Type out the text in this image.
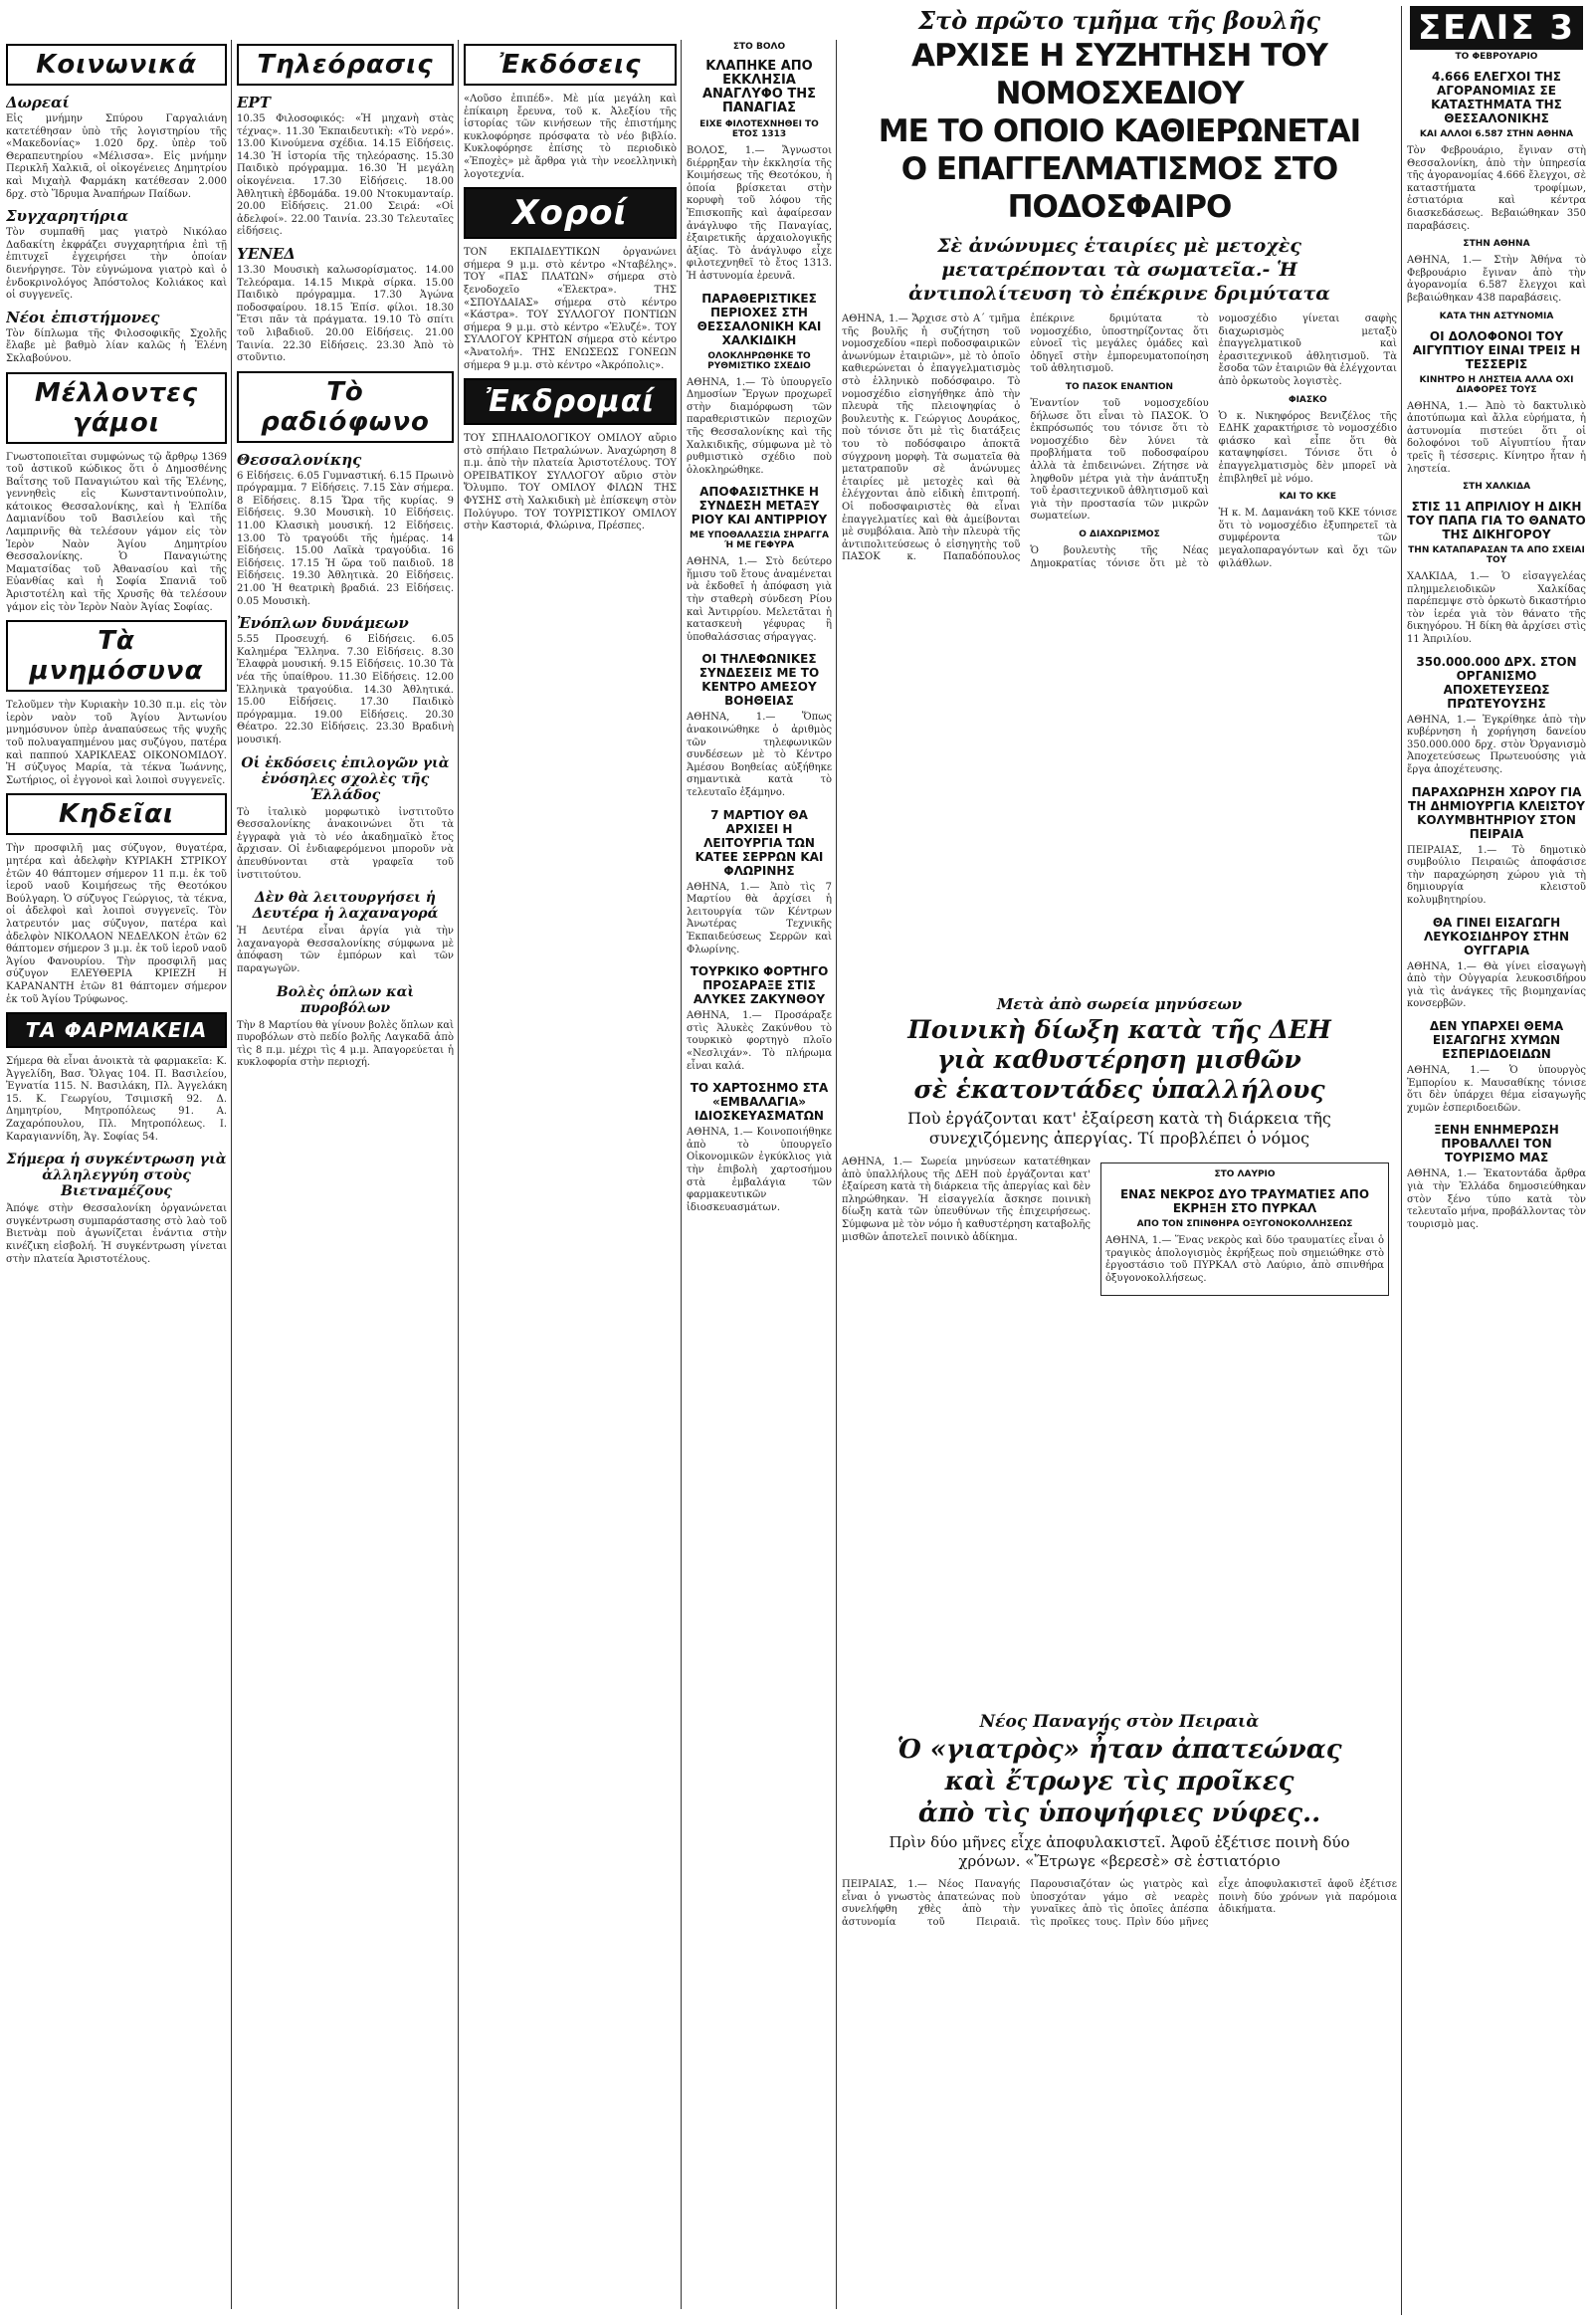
Κοινωνικά
Δωρεαί

Εἰς μνήμην Σπύρου Γαργαλιάνη κατετέθησαν ὑπὸ τῆς λογιστηρίου τῆς «Μακεδονίας» 1.020 δρχ. ὑπὲρ τοῦ Θεραπευτηρίου «Μέλισσα». Εἰς μνήμην Περικλῆ Χαλκιᾶ, οἱ οἰκογένειες Δημητρίου καὶ Μιχαὴλ Φαρμάκη κατέθεσαν 2.000 δρχ. στὸ Ἵδρυμα Ἀναπήρων Παίδων.

Συγχαρητήρια

Τὸν συμπαθῆ μας γιατρὸ Νικόλαο Δαδακίτη ἐκφράζει συγχαρητήρια ἐπὶ τῇ ἐπιτυχεῖ ἐγχειρήσει τὴν ὁποίαν διενήργησε. Τὸν εὐγνώμονα γιατρὸ καὶ ὁ ἐνδοκρινολόγος Ἀπόστολος Κολιάκος καὶ οἱ συγγενεῖς.

Νέοι ἐπιστήμονες

Τὸν δίπλωμα τῆς Φιλοσοφικῆς Σχολῆς ἔλαβε μὲ βαθμὸ λίαν καλῶς ἡ Ἑλένη Σκλαβούνου.

Μέλλοντες γάμοι

Γνωστοποιεῖται συμφώνως τῷ ἄρθρῳ 1369 τοῦ ἀστικοῦ κώδικος ὅτι ὁ Δημοσθένης Βαΐτσης τοῦ Παναγιώτου καὶ τῆς Ἑλένης, γεννηθεὶς εἰς Κωνσταντινούπολιν, κάτοικος Θεσσαλονίκης, καὶ ἡ Ἐλπίδα Δαμιανίδου τοῦ Βασιλείου καὶ τῆς Λαμπρινῆς θὰ τελέσουν γάμον εἰς τὸν Ἱερὸν Ναὸν Ἁγίου Δημητρίου Θεσσαλονίκης. Ὁ Παναγιώτης Μαματσίδας τοῦ Ἀθανασίου καὶ τῆς Εὐανθίας καὶ ἡ Σοφία Σπανιᾶ τοῦ Ἀριστοτέλη καὶ τῆς Χρυσῆς θὰ τελέσουν γάμον εἰς τὸν Ἱερὸν Ναὸν Ἁγίας Σοφίας.

Τὰ μνημόσυνα

Τελοῦμεν τὴν Κυριακὴν 10.30 π.μ. εἰς τὸν ἱερὸν ναὸν τοῦ Ἁγίου Ἀντωνίου μνημόσυνον ὑπὲρ ἀναπαύσεως τῆς ψυχῆς τοῦ πολυαγαπημένου μας συζύγου, πατέρα καὶ παππού ΧΑΡΙΚΛΕΑΣ ΟΙΚΟΝΟΜΙΔΟΥ. Ἡ σύζυγος Μαρία, τὰ τέκνα Ἰωάννης, Σωτήριος, οἱ ἐγγονοὶ καὶ λοιποὶ συγγενεῖς.

Κηδεῖαι

Τὴν προσφιλῆ μας σύζυγον, θυγατέρα, μητέρα καὶ ἀδελφὴν ΚΥΡΙΑΚΗ ΣΤΡΙΚΟΥ ἐτῶν 40 θάπτομεν σήμερον 11 π.μ. ἐκ τοῦ ἱεροῦ ναοῦ Κοιμήσεως τῆς Θεοτόκου Βούλγαρη. Ὁ σύζυγος Γεώργιος, τὰ τέκνα, οἱ ἀδελφοὶ καὶ λοιποὶ συγγενεῖς. Τὸν λατρευτόν μας σύζυγον, πατέρα καὶ ἀδελφὸν ΝΙΚΟΛΑΟΝ ΝΕΔΕΛΚΟΝ ἐτῶν 62 θάπτομεν σήμερον 3 μ.μ. ἐκ τοῦ ἱεροῦ ναοῦ Ἁγίου Φανουρίου. Τὴν προσφιλῆ μας σύζυγον ΕΛΕΥΘΕΡΙΑ ΚΡΙΕΖΗ Η ΚΑΡΑΝΑΝΤΗ ἐτῶν 81 θάπτομεν σήμερον ἐκ τοῦ Ἁγίου Τρύφωνος.

ΤΑ ΦΑΡΜΑΚΕΙΑ

Σήμερα θὰ εἶναι ἀνοικτὰ τὰ φαρμακεῖα: Κ. Ἀγγελίδη, Βασ. Ὄλγας 104. Π. Βασιλείου, Ἐγνατία 115. Ν. Βασιλάκη, Πλ. Ἀγγελάκη 15. Κ. Γεωργίου, Τσιμισκῆ 92. Δ. Δημητρίου, Μητροπόλεως 91. Α. Ζαχαρόπουλου, Πλ. Μητροπόλεως. Ι. Καραγιαννίδη, Ἁγ. Σοφίας 54.

Σήμερα ἡ συγκέντρωση γιὰ ἀλληλεγγύη στοὺς Βιετναμέζους

Ἀπόψε στὴν Θεσσαλονίκη ὀργανώνεται συγκέντρωση συμπαράστασης στὸ λαὸ τοῦ Βιετνὰμ ποὺ ἀγωνίζεται ἐνάντια στὴν κινέζικη εἰσβολή. Ἡ συγκέντρωση γίνεται στὴν πλατεία Ἀριστοτέλους.

Τηλεόρασις
ΕΡΤ

10.35 Φιλοσοφικός: «Ἡ μηχανὴ στὰς τέχνας». 11.30 Ἐκπαιδευτικὴ: «Τὸ νερό». 13.00 Κινούμενα σχέδια. 14.15 Εἰδήσεις. 14.30 Ἡ ἱστορία τῆς τηλεόρασης. 15.30 Παιδικὸ πρόγραμμα. 16.30 Ἡ μεγάλη οἰκογένεια. 17.30 Εἰδήσεις. 18.00 Ἀθλητικὴ ἑβδομάδα. 19.00 Ντοκυμανταίρ. 20.00 Εἰδήσεις. 21.00 Σειρά: «Οἱ ἀδελφοί». 22.00 Ταινία. 23.30 Τελευταῖες εἰδήσεις.

ΥΕΝΕΔ

13.30 Μουσικὴ καλωσορίσματος. 14.00 Τελεόραμα. 14.15 Μικρὰ σίρκα. 15.00 Παιδικὸ πρόγραμμα. 17.30 Ἀγώνα ποδοσφαίρου. 18.15 Ἐπίσ. φίλοι. 18.30 Ἔτσι πᾶν τὰ πράγματα. 19.10 Τὸ σπίτι τοῦ λιβαδιοῦ. 20.00 Εἰδήσεις. 21.00 Ταινία. 22.30 Εἰδήσεις. 23.30 Ἀπὸ τὸ στοῦντιο.

Τὸ ραδιόφωνο
Θεσσαλονίκης

6 Εἰδήσεις. 6.05 Γυμναστική. 6.15 Πρωινὸ πρόγραμμα. 7 Εἰδήσεις. 7.15 Σὰν σήμερα. 8 Εἰδήσεις. 8.15 Ὥρα τῆς κυρίας. 9 Εἰδήσεις. 9.30 Μουσικὴ. 10 Εἰδήσεις. 11.00 Κλασικὴ μουσική. 12 Εἰδήσεις. 13.00 Τὸ τραγούδι τῆς ἡμέρας. 14 Εἰδήσεις. 15.00 Λαϊκὰ τραγούδια. 16 Εἰδήσεις. 17.15 Ἡ ὥρα τοῦ παιδιοῦ. 18 Εἰδήσεις. 19.30 Ἀθλητικὰ. 20 Εἰδήσεις. 21.00 Ἡ θεατρικὴ βραδιά. 23 Εἰδήσεις. 0.05 Μουσικὴ.

Ἐνόπλων δυνάμεων

5.55 Προσευχή. 6 Εἰδήσεις. 6.05 Καλημέρα Ἕλληνα. 7.30 Εἰδήσεις. 8.30 Ἐλαφρὰ μουσική. 9.15 Εἰδήσεις. 10.30 Τὰ νέα τῆς ὑπαίθρου. 11.30 Εἰδήσεις. 12.00 Ἑλληνικὰ τραγούδια. 14.30 Ἀθλητικά. 15.00 Εἰδήσεις. 17.30 Παιδικὸ πρόγραμμα. 19.00 Εἰδήσεις. 20.30 Θέατρο. 22.30 Εἰδήσεις. 23.30 Βραδινὴ μουσική.

Οἱ ἐκδόσεις ἐπιλογῶν γιὰ ἐνόσηλες σχολὲς τῆς Ἑλλάδος

Τὸ ἰταλικὸ μορφωτικὸ ἰνστιτοῦτο Θεσσαλονίκης ἀνακοινώνει ὅτι τὰ ἐγγραφὰ γιὰ τὸ νέο ἀκαδημαϊκὸ ἔτος ἄρχισαν. Οἱ ἐνδιαφερόμενοι μποροῦν νὰ ἀπευθύνονται στὰ γραφεῖα τοῦ ἰνστιτούτου.

Δὲν θὰ λειτουργήσει ἡ Δευτέρα ἡ λαχαναγορά

Ἡ Δευτέρα εἶναι ἀργία γιὰ τὴν λαχαναγορὰ Θεσσαλονίκης σύμφωνα μὲ ἀπόφαση τῶν ἐμπόρων καὶ τῶν παραγωγῶν.

Βολὲς ὁπλων καὶ πυροβόλων

Τὴν 8 Μαρτίου θὰ γίνουν βολὲς ὅπλων καὶ πυροβόλων στὸ πεδίο βολῆς Λαγκαδᾶ ἀπὸ τὶς 8 π.μ. μέχρι τὶς 4 μ.μ. Ἀπαγορεύεται ἡ κυκλοφορία στὴν περιοχή.

Ἐκδόσεις

«Λοῦσο ἐπιπέδ». Μὲ μία μεγάλη καὶ ἐπίκαιρη ἔρευνα, τοῦ κ. Ἀλεξίου τῆς ἱστορίας τῶν κινήσεων τῆς ἐπιστήμης κυκλοφόρησε πρόσφατα τὸ νέο βιβλίο. Κυκλοφόρησε ἐπίσης τὸ περιοδικὸ «Ἐποχὲς» μὲ ἄρθρα γιὰ τὴν νεοελληνικὴ λογοτεχνία.

Χοροί

ΤΟΝ ΕΚΠΑΙΔΕΥΤΙΚΩΝ ὀργανώνει σήμερα 9 μ.μ. στὸ κέντρο «Νταβέλης». ΤΟΥ «ΠΑΣ ΠΛΑΤΩΝ» σήμερα στὸ ξενοδοχεῖο «Ἐλεκτρα». ΤΗΣ «ΣΠΟΥΔΑΙΑΣ» σήμερα στὸ κέντρο «Κάστρα». ΤΟΥ ΣΥΛΛΟΓΟΥ ΠΟΝΤΙΩΝ σήμερα 9 μ.μ. στὸ κέντρο «Ἐλυζέ». ΤΟΥ ΣΥΛΛΟΓΟΥ ΚΡΗΤΩΝ σήμερα στὸ κέντρο «Ἀνατολή». ΤΗΣ ΕΝΩΣΕΩΣ ΓΟΝΕΩΝ σήμερα 9 μ.μ. στὸ κέντρο «Ἀκρόπολις».

Ἐκδρομαί

ΤΟΥ ΣΠΗΛΑΙΟΛΟΓΙΚΟΥ ΟΜΙΛΟΥ αὔριο στὸ σπήλαιο Πετραλώνων. Ἀναχώρηση 8 π.μ. ἀπὸ τὴν πλατεία Ἀριστοτέλους. ΤΟΥ ΟΡΕΙΒΑΤΙΚΟΥ ΣΥΛΛΟΓΟΥ αὔριο στὸν Ὄλυμπο. ΤΟΥ ΟΜΙΛΟΥ ΦΙΛΩΝ ΤΗΣ ΦΥΣΗΣ στὴ Χαλκιδικὴ μὲ ἐπίσκεψη στὸν Πολύγυρο. ΤΟΥ ΤΟΥΡΙΣΤΙΚΟΥ ΟΜΙΛΟΥ στὴν Καστοριά, Φλώρινα, Πρέσπες.

ΣΤΟ ΒΟΛΟ
ΚΛΑΠΗΚΕ ΑΠΟ ΕΚΚΛΗΣΙΑ ΑΝΑΓΛΥΦΟ ΤΗΣ ΠΑΝΑΓΙΑΣ
ΕΙΧΕ ΦΙΛΟΤΕΧΝΗΘΕΙ ΤΟ ΕΤΟΣ 1313

ΒΟΛΟΣ, 1.— Ἄγνωστοι διέρρηξαν τὴν ἐκκλησία τῆς Κοιμήσεως τῆς Θεοτόκου, ἡ ὁποία βρίσκεται στὴν κορυφὴ τοῦ λόφου τῆς Ἐπισκοπῆς καὶ ἀφαίρεσαν ἀνάγλυφο τῆς Παναγίας, ἐξαιρετικῆς ἀρχαιολογικῆς ἀξίας. Τὸ ἀνάγλυφο εἶχε φιλοτεχνηθεῖ τὸ ἔτος 1313. Ἡ ἀστυνομία ἐρευνᾶ.

ΠΑΡΑΘΕΡΙΣΤΙΚΕΣ ΠΕΡΙΟΧΕΣ ΣΤΗ ΘΕΣΣΑΛΟΝΙΚΗ ΚΑΙ ΧΑΛΚΙΔΙΚΗ
ΟΛΟΚΛΗΡΩΘΗΚΕ ΤΟ ΡΥΘΜΙΣΤΙΚΟ ΣΧΕΔΙΟ

ΑΘΗΝΑ, 1.— Τὸ ὑπουργεῖο Δημοσίων Ἔργων προχωρεῖ στὴν διαμόρφωση τῶν παραθεριστικῶν περιοχῶν τῆς Θεσσαλονίκης καὶ τῆς Χαλκιδικῆς, σύμφωνα μὲ τὸ ρυθμιστικὸ σχέδιο ποὺ ὁλοκληρώθηκε.

ΑΠΟΦΑΣΙΣΤΗΚΕ Η ΣΥΝΔΕΣΗ ΜΕΤΑΞΥ ΡΙΟΥ ΚΑΙ ΑΝΤΙΡΡΙΟΥ
ΜΕ ΥΠΟΘΑΛΑΣΣΙΑ ΣΗΡΑΓΓΑ Ή ΜΕ ΓΕΦΥΡΑ

ΑΘΗΝΑ, 1.— Στὸ δεύτερο ἥμισυ τοῦ ἔτους ἀναμένεται νὰ ἐκδοθεῖ ἡ ἀπόφαση γιὰ τὴν σταθερὴ σύνδεση Ρίου καὶ Ἀντιρρίου. Μελετᾶται ἡ κατασκευὴ γέφυρας ἢ ὑποθαλάσσιας σήραγγας.

ΟΙ ΤΗΛΕΦΩΝΙΚΕΣ ΣΥΝΔΕΣΕΙΣ ΜΕ ΤΟ ΚΕΝΤΡΟ ΑΜΕΣΟΥ ΒΟΗΘΕΙΑΣ

ΑΘΗΝΑ, 1.— Ὅπως ἀνακοινώθηκε ὁ ἀριθμὸς τῶν τηλεφωνικῶν συνδέσεων μὲ τὸ Κέντρο Ἀμέσου Βοηθείας αὐξήθηκε σημαντικὰ κατὰ τὸ τελευταῖο ἑξάμηνο.

7 ΜΑΡΤΙΟΥ ΘΑ ΑΡΧΙΣΕΙ Η ΛΕΙΤΟΥΡΓΙΑ ΤΩΝ ΚΑΤΕΕ ΣΕΡΡΩΝ ΚΑΙ ΦΛΩΡΙΝΗΣ

ΑΘΗΝΑ, 1.— Ἀπὸ τὶς 7 Μαρτίου θὰ ἀρχίσει ἡ λειτουργία τῶν Κέντρων Ἀνωτέρας Τεχνικῆς Ἐκπαιδεύσεως Σερρῶν καὶ Φλωρίνης.

ΤΟΥΡΚΙΚΟ ΦΟΡΤΗΓΟ ΠΡΟΣΑΡΑΞΕ ΣΤΙΣ ΑΛΥΚΕΣ ΖΑΚΥΝΘΟΥ

ΑΘΗΝΑ, 1.— Προσάραξε στὶς Ἁλυκὲς Ζακύνθου τὸ τουρκικὸ φορτηγὸ πλοῖο «Νεσλιχάν». Τὸ πλήρωμα εἶναι καλά.

ΤΟ ΧΑΡΤΟΣΗΜΟ ΣΤΑ «ΕΜΒΑΛΑΓΙΑ» ΙΔΙΟΣΚΕΥΑΣΜΑΤΩΝ

ΑΘΗΝΑ, 1.— Κοινοποιήθηκε ἀπὸ τὸ ὑπουργεῖο Οἰκονομικῶν ἐγκύκλιος γιὰ τὴν ἐπιβολὴ χαρτοσήμου στὰ ἐμβαλάγια τῶν φαρμακευτικῶν ἰδιοσκευασμάτων.

Στὸ πρῶτο τμῆμα τῆς βουλῆς
ΑΡΧΙΣΕ Η ΣΥΖΗΤΗΣΗ ΤΟΥ ΝΟΜΟΣΧΕΔΙΟΥ
ΜΕ ΤΟ ΟΠΟΙΟ ΚΑΘΙΕΡΩΝΕΤΑΙ
Ο ΕΠΑΓΓΕΛΜΑΤΙΣΜΟΣ ΣΤΟ ΠΟΔΟΣΦΑΙΡΟ
Σὲ ἀνώνυμες ἑταιρίες μὲ μετοχὲς μετατρέπονται τὰ σωματεῖα.- Ἡ ἀντιπολίτευση τὸ ἐπέκρινε δριμύτατα

ΑΘΗΝΑ, 1.— Ἄρχισε στὸ Α΄ τμῆμα τῆς βουλῆς ἡ συζήτηση τοῦ νομοσχεδίου «περὶ ποδοσφαιρικῶν ἀνωνύμων ἑταιριῶν», μὲ τὸ ὁποῖο καθιερώνεται ὁ ἐπαγγελματισμὸς στὸ ἑλληνικὸ ποδόσφαιρο. Τὸ νομοσχέδιο εἰσηγήθηκε ἀπὸ τὴν πλευρὰ τῆς πλειοψηφίας ὁ βουλευτὴς κ. Γεώργιος Δουράκος, ποὺ τόνισε ὅτι μὲ τὶς διατάξεις του τὸ ποδόσφαιρο ἀποκτᾶ σύγχρονη μορφὴ. Τὰ σωματεῖα θὰ μετατραποῦν σὲ ἀνώνυμες ἑταιρίες μὲ μετοχὲς καὶ θὰ ἐλέγχονται ἀπὸ εἰδικὴ ἐπιτροπή. Οἱ ποδοσφαιριστὲς θὰ εἶναι ἐπαγγελματίες καὶ θὰ ἀμείβονται μὲ συμβόλαια. Ἀπὸ τὴν πλευρὰ τῆς ἀντιπολιτεύσεως ὁ εἰσηγητὴς τοῦ ΠΑΣΟΚ κ. Παπαδόπουλος ἐπέκρινε δριμύτατα τὸ νομοσχέδιο, ὑποστηρίζοντας ὅτι εὐνοεῖ τὶς μεγάλες ὁμάδες καὶ ὁδηγεῖ στὴν ἐμπορευματοποίηση τοῦ ἀθλητισμοῦ.

ΤΟ ΠΑΣΟΚ ΕΝΑΝΤΙΟΝ

Ἐναντίον τοῦ νομοσχεδίου δήλωσε ὅτι εἶναι τὸ ΠΑΣΟΚ. Ὁ ἐκπρόσωπός του τόνισε ὅτι τὸ νομοσχέδιο δὲν λύνει τὰ προβλήματα τοῦ ποδοσφαίρου ἀλλὰ τὰ ἐπιδεινώνει. Ζήτησε νὰ ληφθοῦν μέτρα γιὰ τὴν ἀνάπτυξη τοῦ ἐρασιτεχνικοῦ ἀθλητισμοῦ καὶ γιὰ τὴν προστασία τῶν μικρῶν σωματείων.

Ο ΔΙΑΧΩΡΙΣΜΟΣ

Ὁ βουλευτὴς τῆς Νέας Δημοκρατίας τόνισε ὅτι μὲ τὸ νομοσχέδιο γίνεται σαφὴς διαχωρισμὸς μεταξὺ ἐπαγγελματικοῦ καὶ ἐρασιτεχνικοῦ ἀθλητισμοῦ. Τὰ ἔσοδα τῶν ἑταιριῶν θὰ ἐλέγχονται ἀπὸ ὁρκωτοὺς λογιστὲς.

ΦΙΑΣΚΟ

Ὁ κ. Νικηφόρος Βενιζέλος τῆς ΕΔΗΚ χαρακτήρισε τὸ νομοσχέδιο φιάσκο καὶ εἶπε ὅτι θὰ καταψηφίσει. Τόνισε ὅτι ὁ ἐπαγγελματισμὸς δὲν μπορεῖ νὰ ἐπιβληθεῖ μὲ νόμο.

ΚΑΙ ΤΟ ΚΚΕ

Ἡ κ. Μ. Δαμανάκη τοῦ ΚΚΕ τόνισε ὅτι τὸ νομοσχέδιο ἐξυπηρετεῖ τὰ συμφέροντα τῶν μεγαλοπαραγόντων καὶ ὄχι τῶν φιλάθλων.

Μετὰ ἀπὸ σωρεία μηνύσεων
Ποινικὴ δίωξη κατὰ τῆς ΔΕΗ
γιὰ καθυστέρηση μισθῶν
σὲ ἑκατοντάδες ὑπαλλήλους
Ποὺ ἐργάζονται κατ' ἐξαίρεση κατὰ τὴ διάρκεια τῆς συνεχιζόμενης ἀπεργίας. Τί προβλέπει ὁ νόμος

ΑΘΗΝΑ, 1.— Σωρεία μηνύσεων κατατέθηκαν ἀπὸ ὑπαλλήλους τῆς ΔΕΗ ποὺ ἐργάζονται κατ' ἐξαίρεση κατὰ τὴ διάρκεια τῆς ἀπεργίας καὶ δὲν πληρώθηκαν. Ἡ εἰσαγγελία ἄσκησε ποινικὴ δίωξη κατὰ τῶν ὑπευθύνων τῆς ἐπιχειρήσεως. Σύμφωνα μὲ τὸν νόμο ἡ καθυστέρηση καταβολῆς μισθῶν ἀποτελεῖ ποινικὸ ἀδίκημα.

ΣΤΟ ΛΑΥΡΙΟ
ΕΝΑΣ ΝΕΚΡΟΣ ΔΥΟ ΤΡΑΥΜΑΤΙΕΣ ΑΠΟ ΕΚΡΗΞΗ ΣΤΟ ΠΥΡΚΑΛ
ΑΠΟ ΤΟΝ ΣΠΙΝΘΗΡΑ ΟΞΥΓΟΝΟΚΟΛΛΗΣΕΩΣ

ΑΘΗΝΑ, 1.— Ἕνας νεκρὸς καὶ δύο τραυματίες εἶναι ὁ τραγικὸς ἀπολογισμὸς ἐκρήξεως ποὺ σημειώθηκε στὸ ἐργοστάσιο τοῦ ΠΥΡΚΑΛ στὸ Λαύριο, ἀπὸ σπινθήρα ὀξυγονοκολλήσεως.

Νέος Παναγής στὸν Πειραιὰ
Ὁ «γιατρὸς» ἦταν ἀπατεώνας
καὶ ἔτρωγε τὶς προῖκες
ἀπὸ τὶς ὑποψήφιες νύφες..
Πρὶν δύο μῆνες εἶχε ἀποφυλακιστεῖ. Ἀφοῦ ἐξέτισε ποινὴ δύο χρόνων. «Ἔτρωγε «βερεσὲ» σὲ ἑστιατόριο

ΠΕΙΡΑΙΑΣ, 1.— Νέος Παναγής εἶναι ὁ γνωστὸς ἀπατεώνας ποὺ συνελήφθη χθὲς ἀπὸ τὴν ἀστυνομία τοῦ Πειραιᾶ. Παρουσιαζόταν ὡς γιατρὸς καὶ ὑποσχόταν γάμο σὲ νεαρὲς γυναῖκες ἀπὸ τὶς ὁποῖες ἀπέσπα τὶς προῖκες τους. Πρὶν δύο μῆνες εἶχε ἀποφυλακιστεῖ ἀφοῦ ἐξέτισε ποινὴ δύο χρόνων γιὰ παρόμοια ἀδικήματα.

ΣΕΛΙΣ 3
ΤΟ ΦΕΒΡΟΥΑΡΙΟ
4.666 ΕΛΕΓΧΟΙ ΤΗΣ ΑΓΟΡΑΝΟΜΙΑΣ ΣΕ ΚΑΤΑΣΤΗΜΑΤΑ ΤΗΣ ΘΕΣΣΑΛΟΝΙΚΗΣ
ΚΑΙ ΑΛΛΟΙ 6.587 ΣΤΗΝ ΑΘΗΝΑ

Τὸν Φεβρουάριο, ἔγιναν στὴ Θεσσαλονίκη, ἀπὸ τὴν ὑπηρεσία τῆς ἀγορανομίας 4.666 ἔλεγχοι, σὲ καταστήματα τροφίμων, ἐστιατόρια καὶ κέντρα διασκεδάσεως. Βεβαιώθηκαν 350 παραβάσεις.

ΣΤΗΝ ΑΘΗΝΑ

ΑΘΗΝΑ, 1.— Στὴν Ἀθήνα τὸ Φεβρουάριο ἔγιναν ἀπὸ τὴν ἀγορανομία 6.587 ἔλεγχοι καὶ βεβαιώθηκαν 438 παραβάσεις.

ΚΑΤΑ ΤΗΝ ΑΣΤΥΝΟΜΙΑ
ΟΙ ΔΟΛΟΦΟΝΟΙ ΤΟΥ ΑΙΓΥΠΤΙΟΥ ΕΙΝΑΙ ΤΡΕΙΣ Η ΤΕΣΣΕΡΙΣ
ΚΙΝΗΤΡΟ Η ΛΗΣΤΕΙΑ ΑΛΛΑ ΟΧΙ ΔΙΑΦΟΡΕΣ ΤΟΥΣ

ΑΘΗΝΑ, 1.— Ἀπὸ τὸ δακτυλικὸ ἀποτύπωμα καὶ ἄλλα εὑρήματα, ἡ ἀστυνομία πιστεύει ὅτι οἱ δολοφόνοι τοῦ Αἰγυπτίου ἦταν τρεῖς ἢ τέσσερις. Κίνητρο ἦταν ἡ ληστεία.

ΣΤΗ ΧΑΛΚΙΔΑ
ΣΤΙΣ 11 ΑΠΡΙΛΙΟΥ Η ΔΙΚΗ ΤΟΥ ΠΑΠΑ ΓΙΑ ΤΟ ΘΑΝΑΤΟ ΤΗΣ ΔΙΚΗΓΟΡΟΥ
ΤΗΝ ΚΑΤΑΠΑΡΑΣΑΝ ΤΑ ΑΠΟ ΣΧΕΙΑΙ ΤΟΥ

ΧΑΛΚΙΔΑ, 1.— Ὁ εἰσαγγελέας πλημμελειοδικῶν Χαλκίδας παρέπεμψε στὸ ὁρκωτὸ δικαστήριο τὸν ἱερέα γιὰ τὸν θάνατο τῆς δικηγόρου. Ἡ δίκη θὰ ἀρχίσει στὶς 11 Ἀπριλίου.

350.000.000 ΔΡΧ. ΣΤΟΝ ΟΡΓΑΝΙΣΜΟ ΑΠΟΧΕΤΕΥΣΕΩΣ ΠΡΩΤΕΥΟΥΣΗΣ

ΑΘΗΝΑ, 1.— Ἐγκρίθηκε ἀπὸ τὴν κυβέρνηση ἡ χορήγηση δανείου 350.000.000 δρχ. στὸν Ὀργανισμὸ Ἀποχετεύσεως Πρωτευούσης γιὰ ἔργα ἀποχέτευσης.

ΠΑΡΑΧΩΡΗΣΗ ΧΩΡΟΥ ΓΙΑ ΤΗ ΔΗΜΙΟΥΡΓΙΑ ΚΛΕΙΣΤΟΥ ΚΟΛΥΜΒΗΤΗΡΙΟΥ ΣΤΟΝ ΠΕΙΡΑΙΑ

ΠΕΙΡΑΙΑΣ, 1.— Τὸ δημοτικὸ συμβούλιο Πειραιῶς ἀποφάσισε τὴν παραχώρηση χώρου γιὰ τὴ δημιουργία κλειστοῦ κολυμβητηρίου.

ΘΑ ΓΙΝΕΙ ΕΙΣΑΓΩΓΗ ΛΕΥΚΟΣΙΔΗΡΟΥ ΣΤΗΝ ΟΥΓΓΑΡΙΑ

ΑΘΗΝΑ, 1.— Θὰ γίνει εἰσαγωγὴ ἀπὸ τὴν Οὐγγαρία λευκοσιδήρου γιὰ τὶς ἀνάγκες τῆς βιομηχανίας κονσερβῶν.

ΔΕΝ ΥΠΑΡΧΕΙ ΘΕΜΑ ΕΙΣΑΓΩΓΗΣ ΧΥΜΩΝ ΕΣΠΕΡΙΔΟΕΙΔΩΝ

ΑΘΗΝΑ, 1.— Ὁ ὑπουργὸς Ἐμπορίου κ. Μαυσαθίκης τόνισε ὅτι δὲν ὑπάρχει θέμα εἰσαγωγῆς χυμῶν ἐσπεριδοειδῶν.

ΞΕΝΗ ΕΝΗΜΕΡΩΣΗ ΠΡΟΒΑΛΛΕΙ ΤΟΝ ΤΟΥΡΙΣΜΟ ΜΑΣ

ΑΘΗΝΑ, 1.— Ἐκατοντάδα ἄρθρα γιὰ τὴν Ἑλλάδα δημοσιεύθηκαν στὸν ξένο τύπο κατὰ τὸν τελευταῖο μήνα, προβάλλοντας τὸν τουρισμὸ μας.
